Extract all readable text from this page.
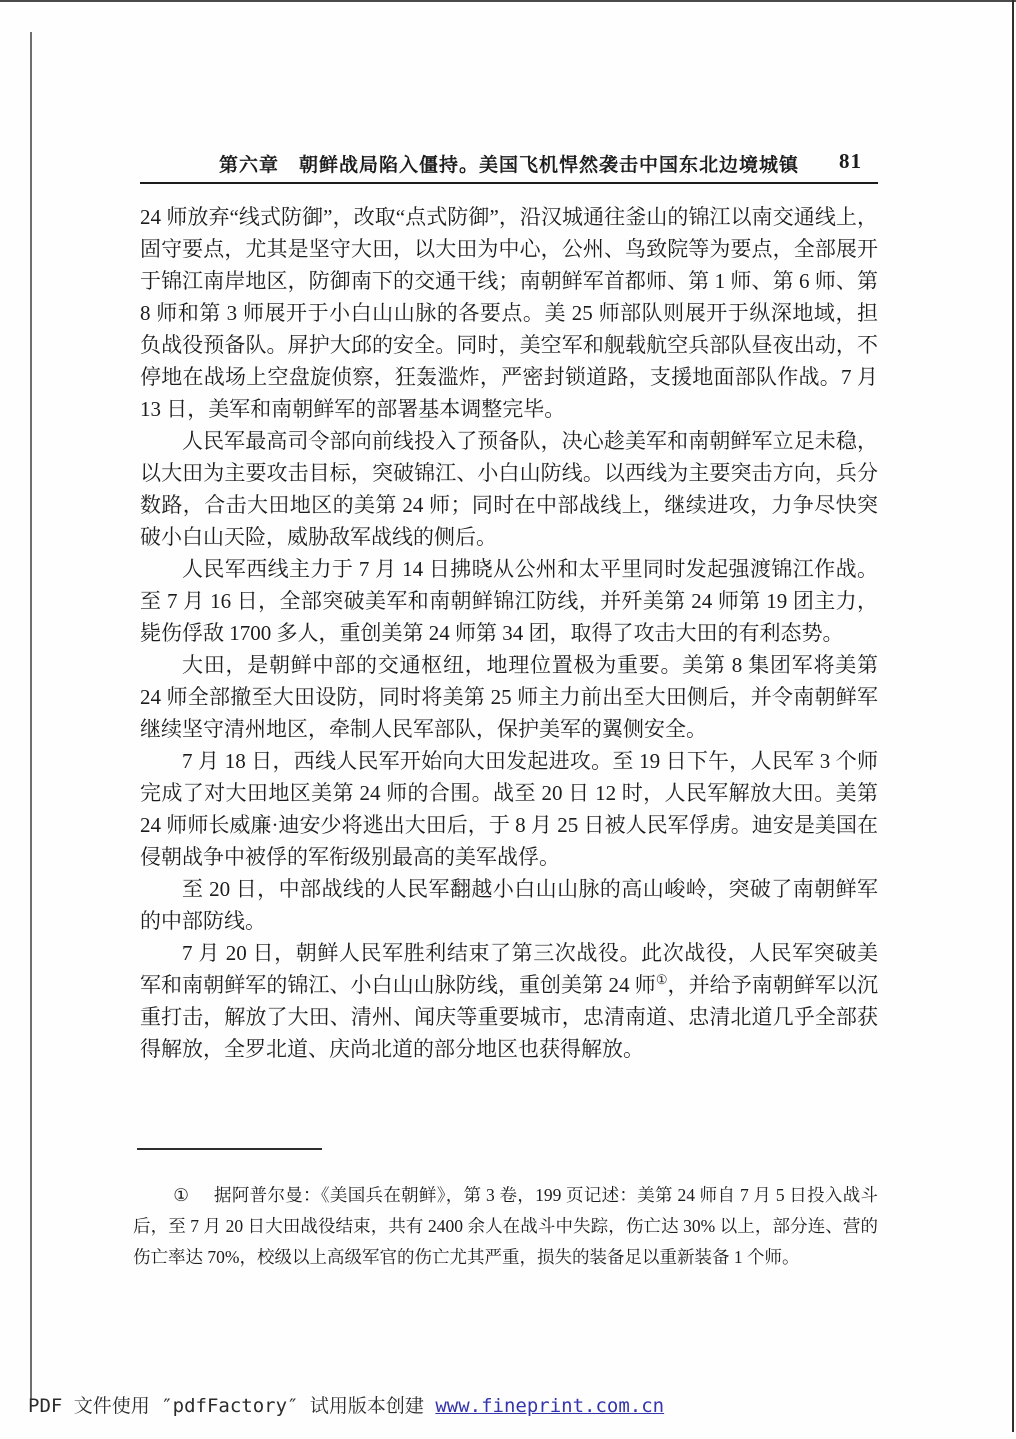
第六章　朝鲜战局陷入僵持。美国飞机悍然袭击中国东北边境城镇	81

24 师放弃“线式防御”，改取“点式防御”，沿汉城通往釜山的锦江以南交通线上，固守要点，尤其是坚守大田，以大田为中心，公州、鸟致院等为要点，全部展开于锦江南岸地区，防御南下的交通干线；南朝鲜军首都师、第 1 师、第 6 师、第 8 师和第 3 师展开于小白山山脉的各要点。美 25 师部队则展开于纵深地域，担负战役预备队。屏护大邱的安全。同时，美空军和舰载航空兵部队昼夜出动，不停地在战场上空盘旋侦察，狂轰滥炸，严密封锁道路，支援地面部队作战。7 月 13 日，美军和南朝鲜军的部署基本调整完毕。

人民军最高司令部向前线投入了预备队，决心趁美军和南朝鲜军立足未稳，以大田为主要攻击目标，突破锦江、小白山防线。以西线为主要突击方向，兵分数路，合击大田地区的美第 24 师；同时在中部战线上，继续进攻，力争尽快突破小白山天险，威胁敌军战线的侧后。

人民军西线主力于 7 月 14 日拂晓从公州和太平里同时发起强渡锦江作战。至 7 月 16 日，全部突破美军和南朝鲜锦江防线，并歼美第 24 师第 19 团主力，毙伤俘敌 1700 多人，重创美第 24 师第 34 团，取得了攻击大田的有利态势。

大田，是朝鲜中部的交通枢纽，地理位置极为重要。美第 8 集团军将美第 24 师全部撤至大田设防，同时将美第 25 师主力前出至大田侧后，并令南朝鲜军继续坚守清州地区，牵制人民军部队，保护美军的翼侧安全。

7 月 18 日，西线人民军开始向大田发起进攻。至 19 日下午，人民军 3 个师完成了对大田地区美第 24 师的合围。战至 20 日 12 时，人民军解放大田。美第 24 师师长威廉·迪安少将逃出大田后，于 8 月 25 日被人民军俘虏。迪安是美国在侵朝战争中被俘的军衔级别最高的美军战俘。

至 20 日，中部战线的人民军翻越小白山山脉的高山峻岭，突破了南朝鲜军的中部防线。

7 月 20 日，朝鲜人民军胜利结束了第三次战役。此次战役，人民军突破美军和南朝鲜军的锦江、小白山山脉防线，重创美第 24 师①，并给予南朝鲜军以沉重打击，解放了大田、清州、闻庆等重要城市，忠清南道、忠清北道几乎全部获得解放，全罗北道、庆尚北道的部分地区也获得解放。

① 据阿普尔曼：《美国兵在朝鲜》，第 3 卷，199 页记述：美第 24 师自 7 月 5 日投入战斗后，至 7 月 20 日大田战役结束，共有 2400 余人在战斗中失踪，伤亡达 30% 以上，部分连、营的伤亡率达 70%，校级以上高级军官的伤亡尤其严重，损失的装备足以重新装备 1 个师。

PDF 文件使用 ″pdfFactory″ 试用版本创建 www.fineprint.com.cn
